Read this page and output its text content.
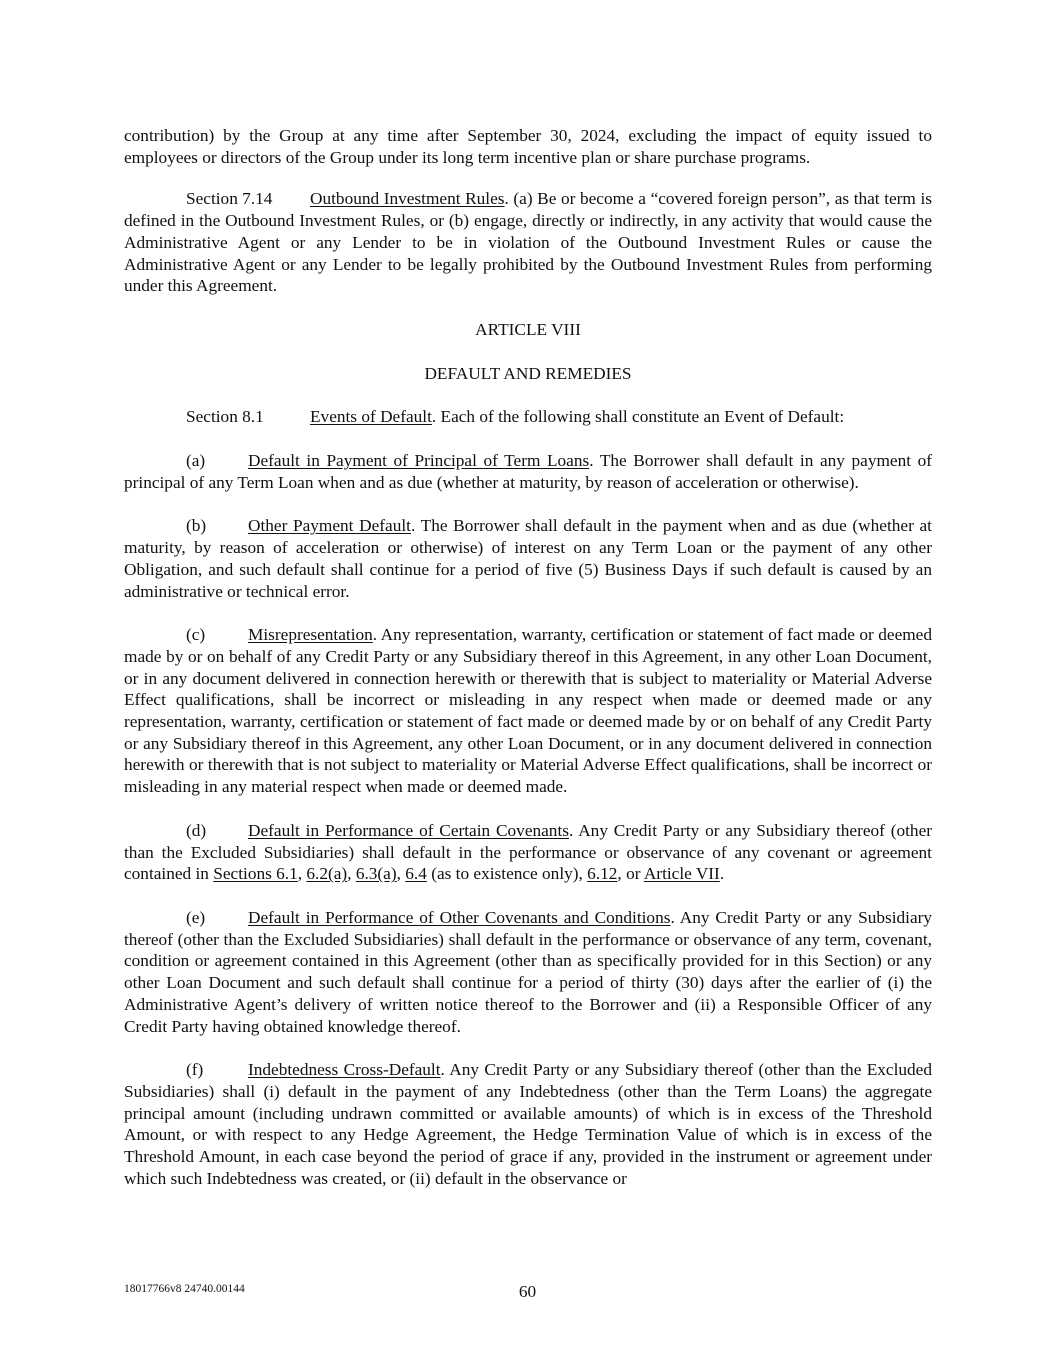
contribution) by the Group at any time after September 30, 2024, excluding the impact of equity issued to employees or directors of the Group under its long term incentive plan or share purchase programs.

Section 7.14 Outbound Investment Rules. (a) Be or become a “covered foreign person”, as that term is defined in the Outbound Investment Rules, or (b) engage, directly or indirectly, in any activity that would cause the Administrative Agent or any Lender to be in violation of the Outbound Investment Rules or cause the Administrative Agent or any Lender to be legally prohibited by the Outbound Investment Rules from performing under this Agreement.

ARTICLE VIII

DEFAULT AND REMEDIES

Section 8.1	Events of Default. Each of the following shall constitute an Event of Default:

(a) Default in Payment of Principal of Term Loans. The Borrower shall default in any payment of principal of any Term Loan when and as due (whether at maturity, by reason of acceleration or otherwise).

(b) Other Payment Default. The Borrower shall default in the payment when and as due (whether at maturity, by reason of acceleration or otherwise) of interest on any Term Loan or the payment of any other Obligation, and such default shall continue for a period of five (5) Business Days if such default is caused by an administrative or technical error.

(c) Misrepresentation. Any representation, warranty, certification or statement of fact made or deemed made by or on behalf of any Credit Party or any Subsidiary thereof in this Agreement, in any other Loan Document, or in any document delivered in connection herewith or therewith that is subject to materiality or Material Adverse Effect qualifications, shall be incorrect or misleading in any respect when made or deemed made or any representation, warranty, certification or statement of fact made or deemed made by or on behalf of any Credit Party or any Subsidiary thereof in this Agreement, any other Loan Document, or in any document delivered in connection herewith or therewith that is not subject to materiality or Material Adverse Effect qualifications, shall be incorrect or misleading in any material respect when made or deemed made.

(d) Default in Performance of Certain Covenants. Any Credit Party or any Subsidiary thereof (other than the Excluded Subsidiaries) shall default in the performance or observance of any covenant or agreement contained in Sections 6.1, 6.2(a), 6.3(a), 6.4 (as to existence only), 6.12, or Article VII.

(e) Default in Performance of Other Covenants and Conditions. Any Credit Party or any Subsidiary thereof (other than the Excluded Subsidiaries) shall default in the performance or observance of any term, covenant, condition or agreement contained in this Agreement (other than as specifically provided for in this Section) or any other Loan Document and such default shall continue for a period of thirty (30) days after the earlier of (i) the Administrative Agent’s delivery of written notice thereof to the Borrower and (ii) a Responsible Officer of any Credit Party having obtained knowledge thereof.

(f)	Indebtedness Cross-Default. Any Credit Party or any Subsidiary thereof (other than the Excluded Subsidiaries) shall (i) default in the payment of any Indebtedness (other than the Term Loans) the aggregate principal amount (including undrawn committed or available amounts) of which is in excess of the Threshold Amount, or with respect to any Hedge Agreement, the Hedge Termination Value of which is in excess of the Threshold Amount, in each case beyond the period of grace if any, provided in the instrument or agreement under which such Indebtedness was created, or (ii) default in the observance or

18017766v8 24740.00144	60
